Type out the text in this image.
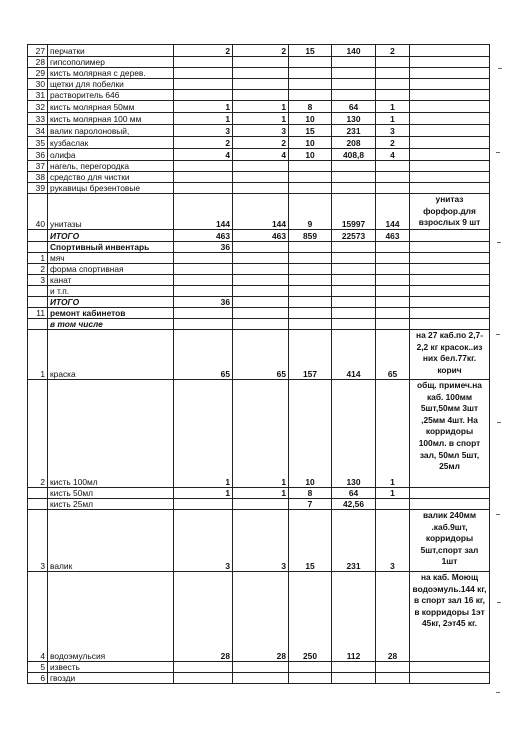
27	перчатки	2	2	15	140	2	
28	гипсополимер						
29	кисть молярная с дерев.						
30	щетки для побелки						
31	растворитель 646						
32	кисть молярная 50мм	1	1	8	64	1	
33	кисть молярная 100 мм	1	1	10	130	1	
34	валик паролоновый,	3	3	15	231	3	
35	кузбаслак	2	2	10	208	2	
36	олифа	4	4	10	408,8	4	
37	нагель, перегородка						
38	средство для чистки						
39	рукавицы брезентовые						
40	унитазы	144	144	9	15997	144	унитаз форфор.для взрослых 9 шт
	ИТОГО	463	463	859	22573	463	
	Спортивный инвентарь	36					
1	мяч						
2	форма спортивная						
3	канат						
	и т.п.						
	ИТОГО	36					
11	ремонт кабинетов						
	в том числе						
1	краска	65	65	157	414	65	на 27 каб.по 2,7-2,2 кг красок..из них бел.77кг. корич
2	кисть 100мл	1	1	10	130	1	общ. примеч.на каб. 100мм 5шт,50мм 3шт ,25мм 4шт. На корридоры 100мл. в спорт зал, 50мл 5шт, 25мл
	кисть 50мл	1	1	8	64	1	
	кисть 25мл			7	42,56		
3	валик	3	3	15	231	3	валик 240мм .каб.9шт, корридоры 5шт,спорт зал 1шт
4	водоэмульсия	28	28	250	112	28	на каб. Моющ водоэмуль.144 кг, в спорт зал 16 кг, в корридоры 1эт 45кг, 2эт45 кг.
5	известь						
6	гвозди						
